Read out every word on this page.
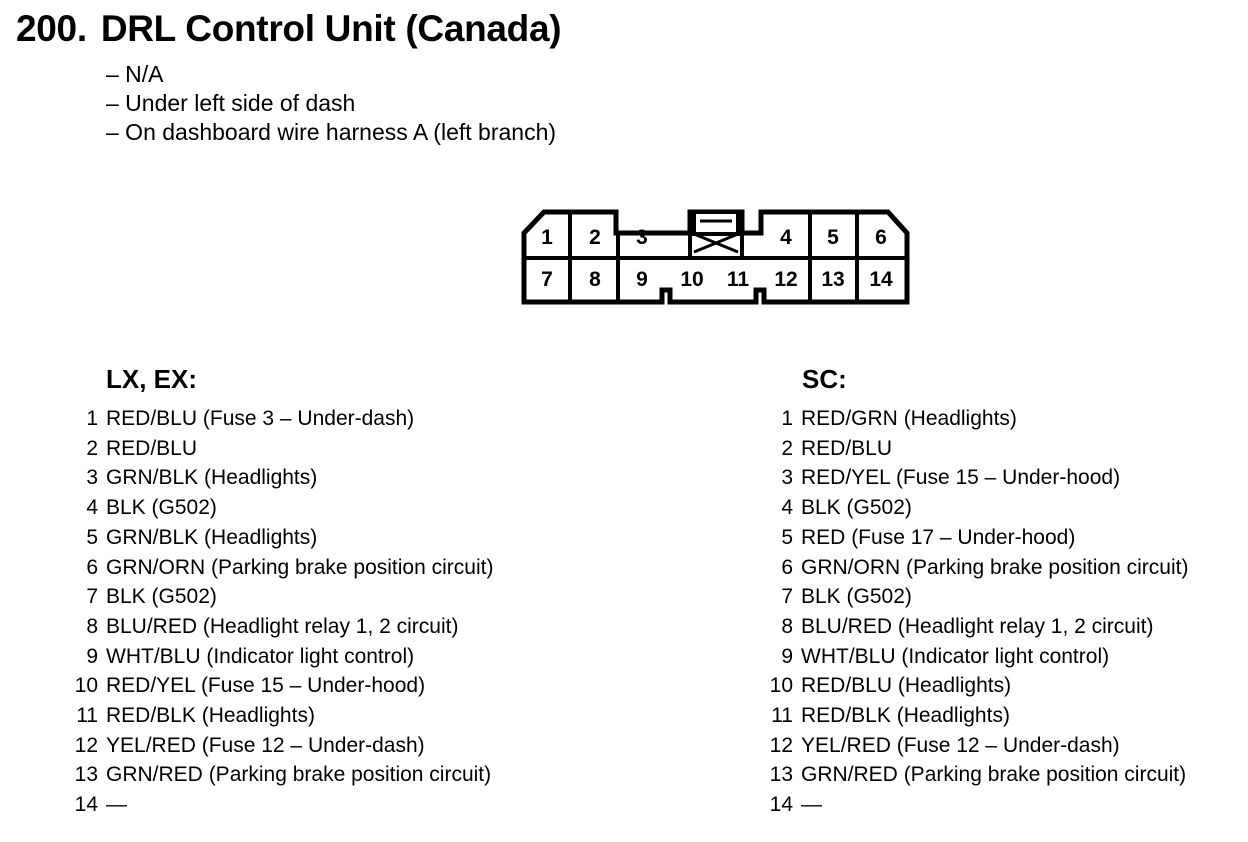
200. DRL Control Unit (Canada)
– N/A
– Under left side of dash
– On dashboard wire harness A (left branch)
1 2 3	4 5 6
7 8 9 10 11 12 13 14
LX, EX:	SC:
1 RED/BLU (Fuse 3 – Under-dash)
2 RED/BLU
3 GRN/BLK (Headlights)
4 BLK (G502)
5 GRN/BLK (Headlights)
6 GRN/ORN (Parking brake position circuit)
7 BLK (G502)
8 BLU/RED (Headlight relay 1, 2 circuit)
9 WHT/BLU (Indicator light control)
10 RED/YEL (Fuse 15 – Under-hood)
11 RED/BLK (Headlights)
12 YEL/RED (Fuse 12 – Under-dash)
13 GRN/RED (Parking brake position circuit)
14 —
1 RED/GRN (Headlights)
2 RED/BLU
3 RED/YEL (Fuse 15 – Under-hood)
4 BLK (G502)
5 RED (Fuse 17 – Under-hood)
6 GRN/ORN (Parking brake position circuit)
7 BLK (G502)
8 BLU/RED (Headlight relay 1, 2 circuit)
9 WHT/BLU (Indicator light control)
10 RED/BLU (Headlights)
11 RED/BLK (Headlights)
12 YEL/RED (Fuse 12 – Under-dash)
13 GRN/RED (Parking brake position circuit)
14 —
